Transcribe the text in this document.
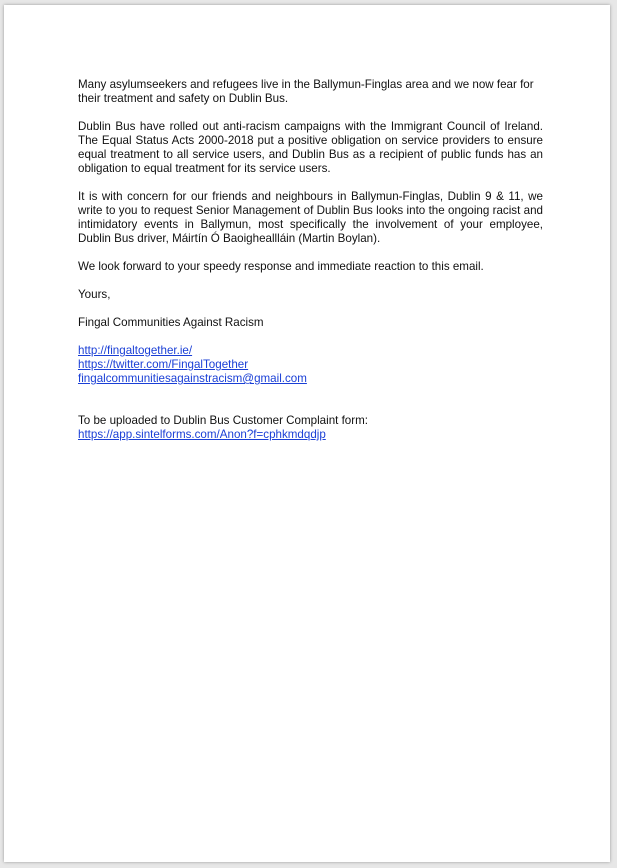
Many asylumseekers and refugees live in the Ballymun-Finglas area and we now fear for their treatment and safety on Dublin Bus.

Dublin Bus have rolled out anti-racism campaigns with the Immigrant Council of Ireland. The Equal Status Acts 2000-2018 put a positive obligation on service providers to ensure equal treatment to all service users, and Dublin Bus as a recipient of public funds has an obligation to equal treatment for its service users.

It is with concern for our friends and neighbours in Ballymun-Finglas, Dublin 9 & 11, we write to you to request Senior Management of Dublin Bus looks into the ongoing racist and intimidatory events in Ballymun, most specifically the involvement of your employee, Dublin Bus driver, Máirtín Ó Baoigheallláin (Martin Boylan).

We look forward to your speedy response and immediate reaction to this email.

Yours,

Fingal Communities Against Racism

http://fingaltogether.ie/
https://twitter.com/FingalTogether
fingalcommunitiesagainstracism@gmail.com
To be uploaded to Dublin Bus Customer Complaint form:
https://app.sintelforms.com/Anon?f=cphkmdqdjp
